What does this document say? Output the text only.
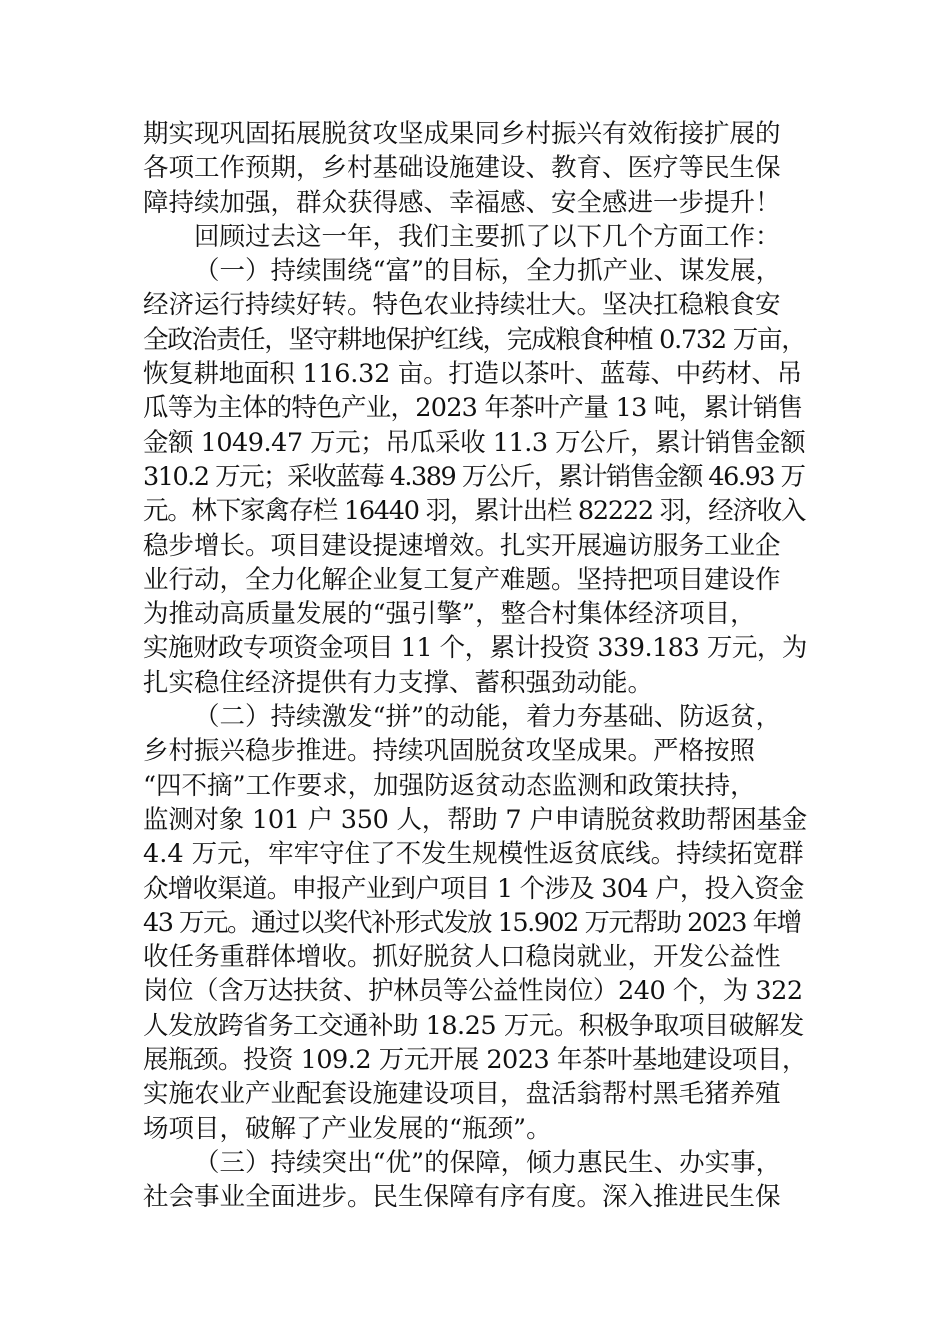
期实现巩固拓展脱贫攻坚成果同乡村振兴有效衔接扩展的
各项工作预期，乡村基础设施建设、教育、医疗等民生保
障持续加强，群众获得感、幸福感、安全感进一步提升！
回顾过去这一年，我们主要抓了以下几个方面工作：
（一）持续围绕“富”的目标，全力抓产业、谋发展，
经济运行持续好转。特色农业持续壮大。坚决扛稳粮食安
全政治责任，坚守耕地保护红线，完成粮食种植 0.732 万亩，
恢复耕地面积 116.32 亩。打造以茶叶、蓝莓、中药材、吊
瓜等为主体的特色产业，2023 年茶叶产量 13 吨，累计销售
金额 1049.47 万元；吊瓜采收 11.3 万公斤，累计销售金额
310.2 万元；采收蓝莓 4.389 万公斤，累计销售金额 46.93 万
元。林下家禽存栏 16440 羽，累计出栏 82222 羽，经济收入
稳步增长。项目建设提速增效。扎实开展遍访服务工业企
业行动，全力化解企业复工复产难题。坚持把项目建设作
为推动高质量发展的“强引擎”，整合村集体经济项目，
实施财政专项资金项目 11 个，累计投资 339.183 万元，为
扎实稳住经济提供有力支撑、蓄积强劲动能。
（二）持续激发“拼”的动能，着力夯基础、防返贫，
乡村振兴稳步推进。持续巩固脱贫攻坚成果。严格按照
“四不摘”工作要求，加强防返贫动态监测和政策扶持，
监测对象 101 户 350 人，帮助 7 户申请脱贫救助帮困基金
4.4 万元，牢牢守住了不发生规模性返贫底线。持续拓宽群
众增收渠道。申报产业到户项目 1 个涉及 304 户，投入资金
43 万元。通过以奖代补形式发放 15.902 万元帮助 2023 年增
收任务重群体增收。抓好脱贫人口稳岗就业，开发公益性
岗位（含万达扶贫、护林员等公益性岗位）240 个，为 322
人发放跨省务工交通补助 18.25 万元。积极争取项目破解发
展瓶颈。投资 109.2 万元开展 2023 年茶叶基地建设项目，
实施农业产业配套设施建设项目，盘活翁帮村黑毛猪养殖
场项目，破解了产业发展的“瓶颈”。
（三）持续突出“优”的保障，倾力惠民生、办实事，
社会事业全面进步。民生保障有序有度。深入推进民生保
